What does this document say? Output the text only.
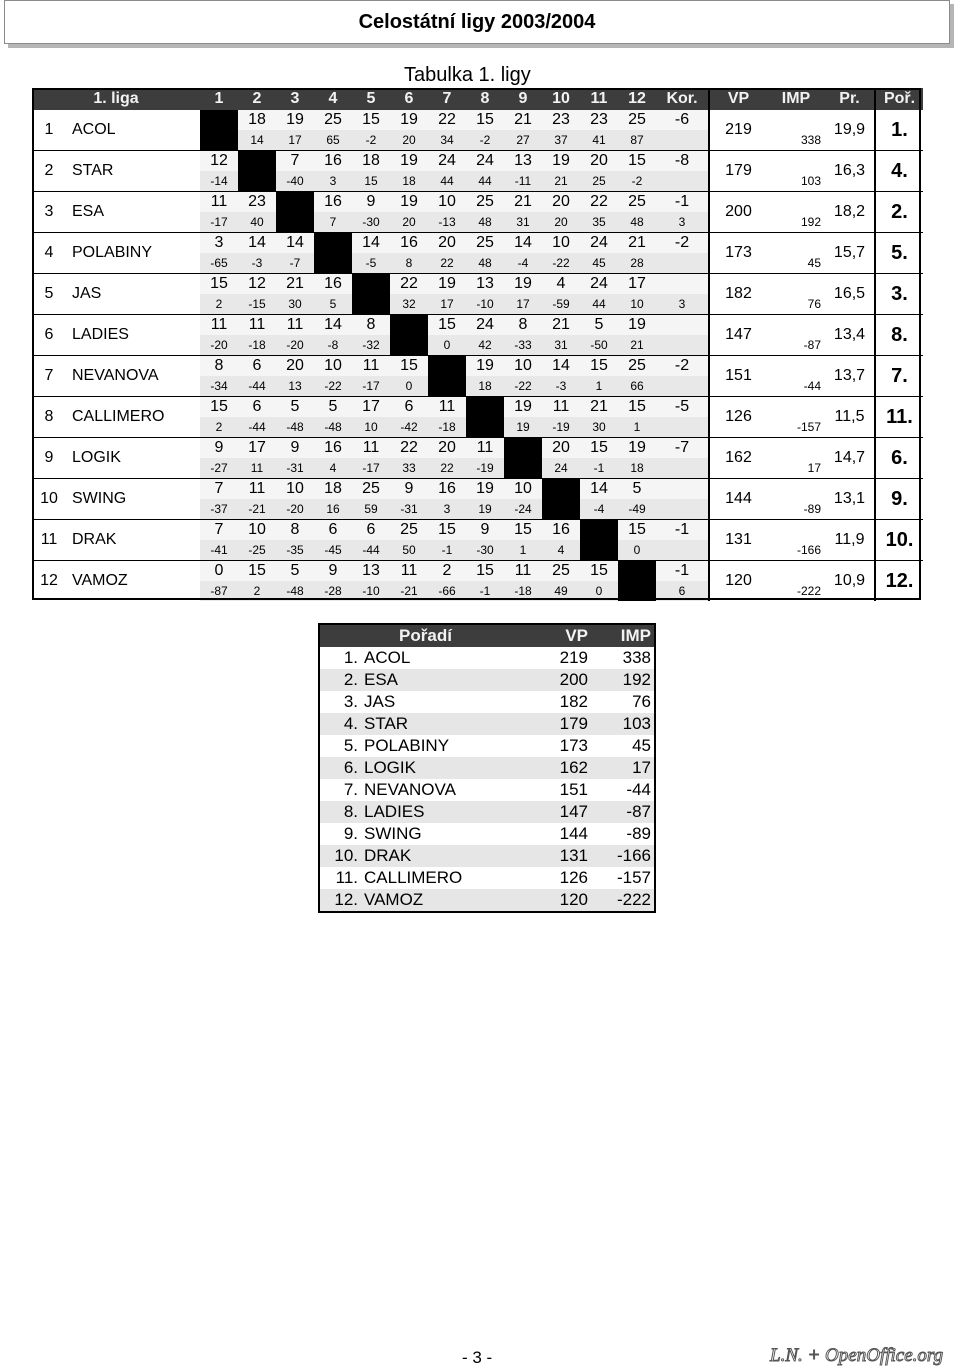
Celostátní ligy 2003/2004
Tabulka 1. ligy
1. liga		1	2	3	4	5	6	7	8	9	10	11	12	Kor.	VP	IMP	Pr.	Poř.
1	ACOL		18	19	25	15	19	22	15	21	23	23	25	-6	219	338	19,9	1.
			14	17	65	-2	20	34	-2	27	37	41	87					
2	STAR	12		7	16	18	19	24	24	13	19	20	15	-8	179	103	16,3	4.
		-14		-40	3	15	18	44	44	-11	21	25	-2					
3	ESA	11	23		16	9	19	10	25	21	20	22	25	-1	200	192	18,2	2.
		-17	40		7	-30	20	-13	48	31	20	35	48	3				
4	POLABINY	3	14	14		14	16	20	25	14	10	24	21	-2	173	45	15,7	5.
		-65	-3	-7		-5	8	22	48	-4	-22	45	28					
5	JAS	15	12	21	16		22	19	13	19	4	24	17		182	76	16,5	3.
		2	-15	30	5		32	17	-10	17	-59	44	10	3				
6	LADIES	11	11	11	14	8		15	24	8	21	5	19		147	-87	13,4	8.
		-20	-18	-20	-8	-32		0	42	-33	31	-50	21					
7	NEVANOVA	8	6	20	10	11	15		19	10	14	15	25	-2	151	-44	13,7	7.
		-34	-44	13	-22	-17	0		18	-22	-3	1	66					
8	CALLIMERO	15	6	5	5	17	6	11		19	11	21	15	-5	126	-157	11,5	11.
		2	-44	-48	-48	10	-42	-18		19	-19	30	1					
9	LOGIK	9	17	9	16	11	22	20	11		20	15	19	-7	162	17	14,7	6.
		-27	11	-31	4	-17	33	22	-19		24	-1	18					
10	SWING	7	11	10	18	25	9	16	19	10		14	5		144	-89	13,1	9.
		-37	-21	-20	16	59	-31	3	19	-24		-4	-49					
11	DRAK	7	10	8	6	6	25	15	9	15	16		15	-1	131	-166	11,9	10.
		-41	-25	-35	-45	-44	50	-1	-30	1	4		0					
12	VAMOZ	0	15	5	9	13	11	2	15	11	25	15		-1	120	-222	10,9	12.
		-87	2	-48	-28	-10	-21	-66	-1	-18	49	0		6				
Pořadí		VP	IMP
1.	ACOL	219	338
2.	ESA	200	192
3.	JAS	182	76
4.	STAR	179	103
5.	POLABINY	173	45
6.	LOGIK	162	17
7.	NEVANOVA	151	-44
8.	LADIES	147	-87
9.	SWING	144	-89
10.	DRAK	131	-166
11.	CALLIMERO	126	-157
12.	VAMOZ	120	-222
- 3 -	L.N. + OpenOffice.org
